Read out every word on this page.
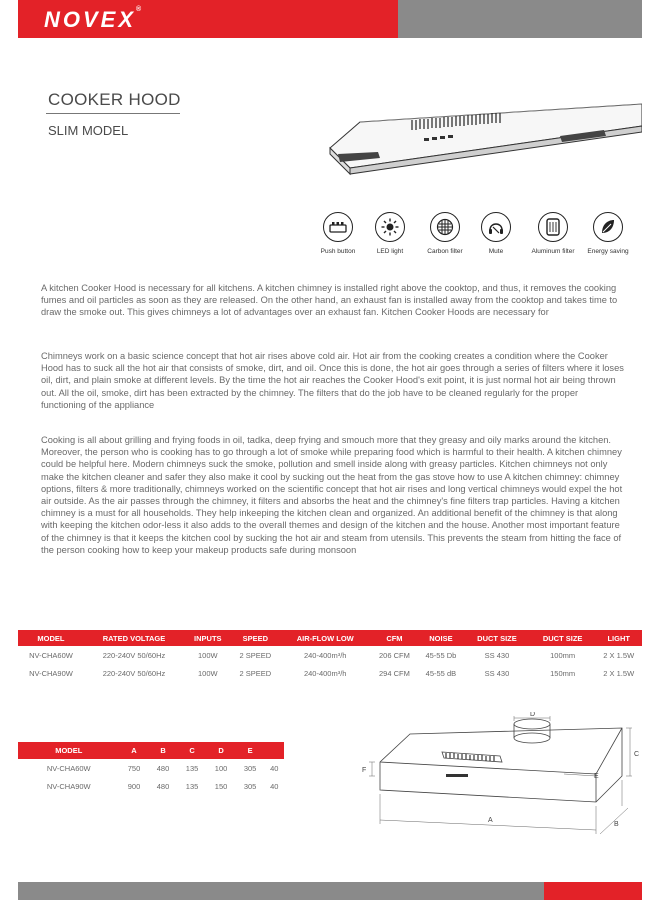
NOVEX®
COOKER HOOD
SLIM MODEL
Push button	LED light	Carbon filter	Mute	Aluminum filter	Energy saving

A kitchen Cooker Hood is necessary for all kitchens. A kitchen chimney is installed right above the cooktop, and thus, it removes the cooking fumes and oil particles as soon as they are released. On the other hand, an exhaust fan is installed away from the cooktop and takes time to draw the smoke out. This gives chimneys a lot of advantages over an exhaust fan. Kitchen Cooker Hoods are necessary for

Chimneys work on a basic science concept that hot air rises above cold air. Hot air from the cooking creates a condition where the Cooker Hood has to suck all the hot air that consists of smoke, dirt, and oil. Once this is done, the hot air goes through a series of filters where it loses oil, dirt, and plain smoke at different levels. By the time the hot air reaches the Cooker Hood's exit point, it is just normal hot air being thrown out. All the oil, smoke, dirt has been extracted by the chimney. The filters that do the job have to be cleaned regularly for the proper functioning of the appliance

Cooking is all about grilling and frying foods in oil, tadka, deep frying and smouch more that they greasy and oily marks around the kitchen. Moreover, the person who is cooking has to go through a lot of smoke while preparing food which is harmful to their health. A kitchen chimney could be helpful here. Modern chimneys suck the smoke, pollution and smell inside along with greasy particles. Kitchen chimneys not only make the kitchen cleaner and safer they also make it cool by sucking out the heat from the gas stove how to use A kitchen chimney: chimney options, filters & more traditionally, chimneys worked on the scientific concept that hot air rises and long vertical chimneys would expel the hot air outside. As the air passes through the chimney, it filters and absorbs the heat and the chimney's fine filters trap particles. Having a kitchen chimney is a must for all households. They help inkeeping the kitchen clean and organized. An additional benefit of the chimney is that along with keeping the kitchen odor-less it also adds to the overall themes and design of the kitchen and the house. Another most important feature of the chimney is that it keeps the kitchen cool by sucking the hot air and steam from utensils. This prevents the steam from hitting the face of the person cooking how to keep your makeup products safe during monsoon

MODEL	RATED VOLTAGE	INPUTS	SPEED	AIR-FLOW LOW	CFM	NOISE	DUCT SIZE	DUCT SIZE	LIGHT
NV-CHA60W	220-240V 50/60Hz	100W	2 SPEED	240-400m³/h	206 CFM	45-55 Db	SS 430	100mm	2 X 1.5W
NV-CHA90W	220-240V 50/60Hz	100W	2 SPEED	240-400m³/h	294 CFM	45-55 dB	SS 430	150mm	2 X 1.5W
MODEL	A	B	C	D	E	
NV-CHA60W	750	480	135	100	305	40
NV-CHA90W	900	480	135	150	305	40
A
B
C
D
E
F
